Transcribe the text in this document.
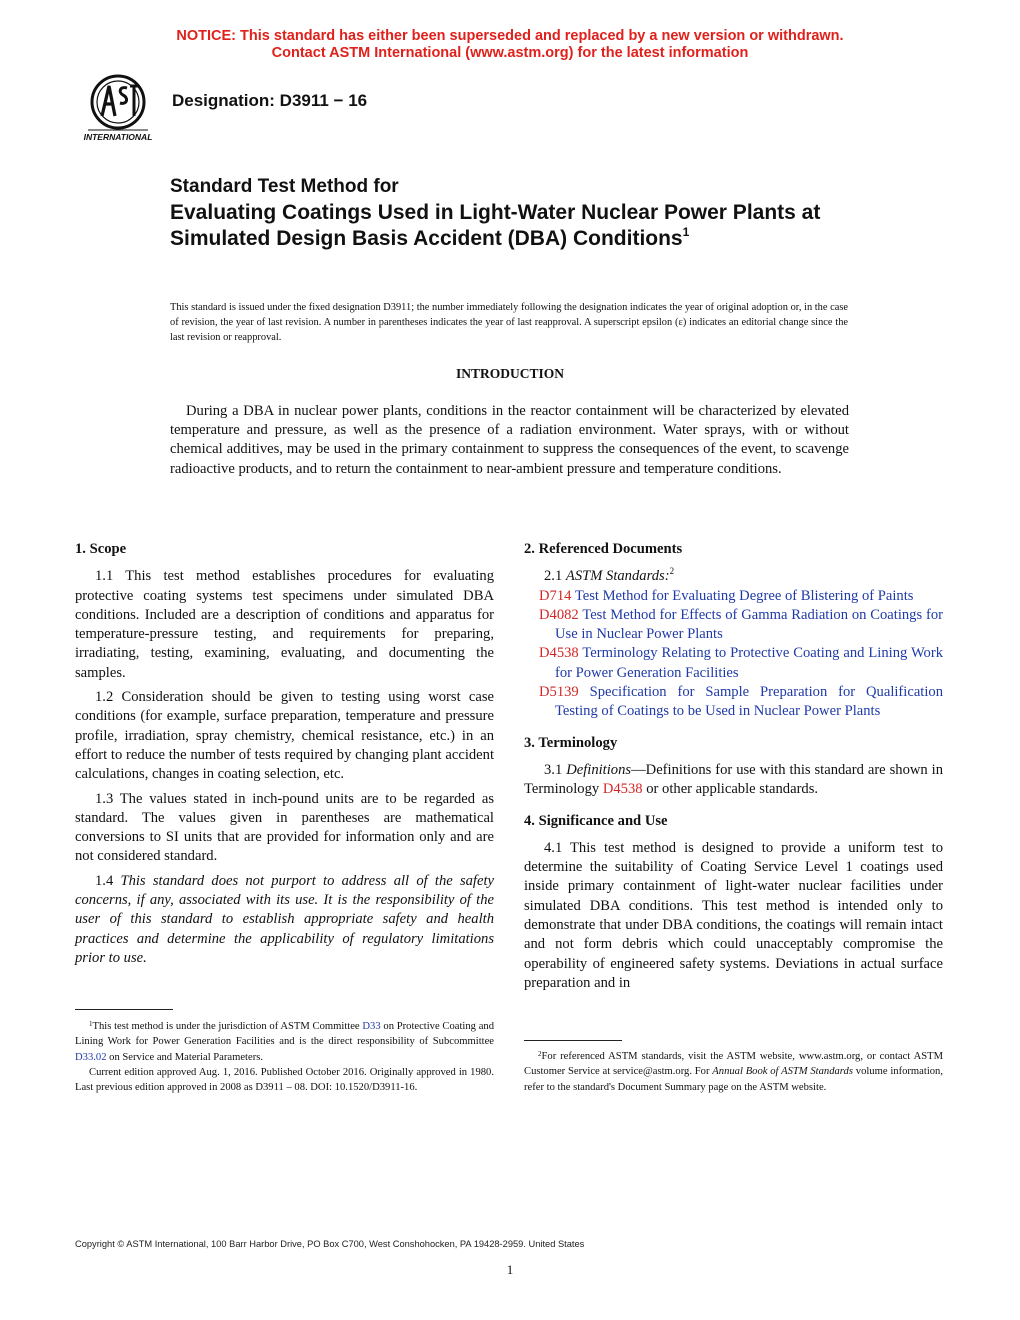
NOTICE: This standard has either been superseded and replaced by a new version or withdrawn.
Contact ASTM International (www.astm.org) for the latest information
INTERNATIONAL
Designation: D3911 − 16
Standard Test Method for
Evaluating Coatings Used in Light-Water Nuclear Power Plants at Simulated Design Basis Accident (DBA) Conditions$^1$
This standard is issued under the fixed designation D3911; the number immediately following the designation indicates the year of original adoption or, in the case of revision, the year of last revision. A number in parentheses indicates the year of last reapproval. A superscript epsilon (ε) indicates an editorial change since the last revision or reapproval.
INTRODUCTION
During a DBA in nuclear power plants, conditions in the reactor containment will be characterized by elevated temperature and pressure, as well as the presence of a radiation environment. Water sprays, with or without chemical additives, may be used in the primary containment to suppress the consequences of the event, to scavenge radioactive products, and to return the containment to near-ambient pressure and temperature conditions.
1. Scope

1.1 This test method establishes procedures for evaluating protective coating systems test specimens under simulated DBA conditions. Included are a description of conditions and apparatus for temperature-pressure testing, and requirements for preparing, irradiating, testing, examining, evaluating, and documenting the samples.

1.2 Consideration should be given to testing using worst case conditions (for example, surface preparation, temperature and pressure profile, irradiation, spray chemistry, chemical resistance, etc.) in an effort to reduce the number of tests required by changing plant accident calculations, changes in coating selection, etc.

1.3 The values stated in inch-pound units are to be regarded as standard. The values given in parentheses are mathematical conversions to SI units that are provided for information only and are not considered standard.

1.4 This standard does not purport to address all of the safety concerns, if any, associated with its use. It is the responsibility of the user of this standard to establish appropriate safety and health practices and determine the applicability of regulatory limitations prior to use.

2. Referenced Documents

2.1 ASTM Standards:$^2$

D714 Test Method for Evaluating Degree of Blistering of Paints
D4082 Test Method for Effects of Gamma Radiation on Coatings for Use in Nuclear Power Plants
D4538 Terminology Relating to Protective Coating and Lining Work for Power Generation Facilities
D5139 Specification for Sample Preparation for Qualification Testing of Coatings to be Used in Nuclear Power Plants
3. Terminology

3.1 Definitions—Definitions for use with this standard are shown in Terminology D4538 or other applicable standards.

4. Significance and Use

4.1 This test method is designed to provide a uniform test to determine the suitability of Coating Service Level 1 coatings used inside primary containment of light-water nuclear facilities under simulated DBA conditions. This test method is intended only to demonstrate that under DBA conditions, the coatings will remain intact and not form debris which could unacceptably compromise the operability of engineered safety systems. Deviations in actual surface preparation and in

$^1$This test method is under the jurisdiction of ASTM Committee D33 on Protective Coating and Lining Work for Power Generation Facilities and is the direct responsibility of Subcommittee D33.02 on Service and Material Parameters.

Current edition approved Aug. 1, 2016. Published October 2016. Originally approved in 1980. Last previous edition approved in 2008 as D3911 – 08. DOI: 10.1520/D3911-16.

$^2$For referenced ASTM standards, visit the ASTM website, www.astm.org, or contact ASTM Customer Service at service@astm.org. For Annual Book of ASTM Standards volume information, refer to the standard's Document Summary page on the ASTM website.

Copyright © ASTM International, 100 Barr Harbor Drive, PO Box C700, West Conshohocken, PA 19428-2959. United States
1
